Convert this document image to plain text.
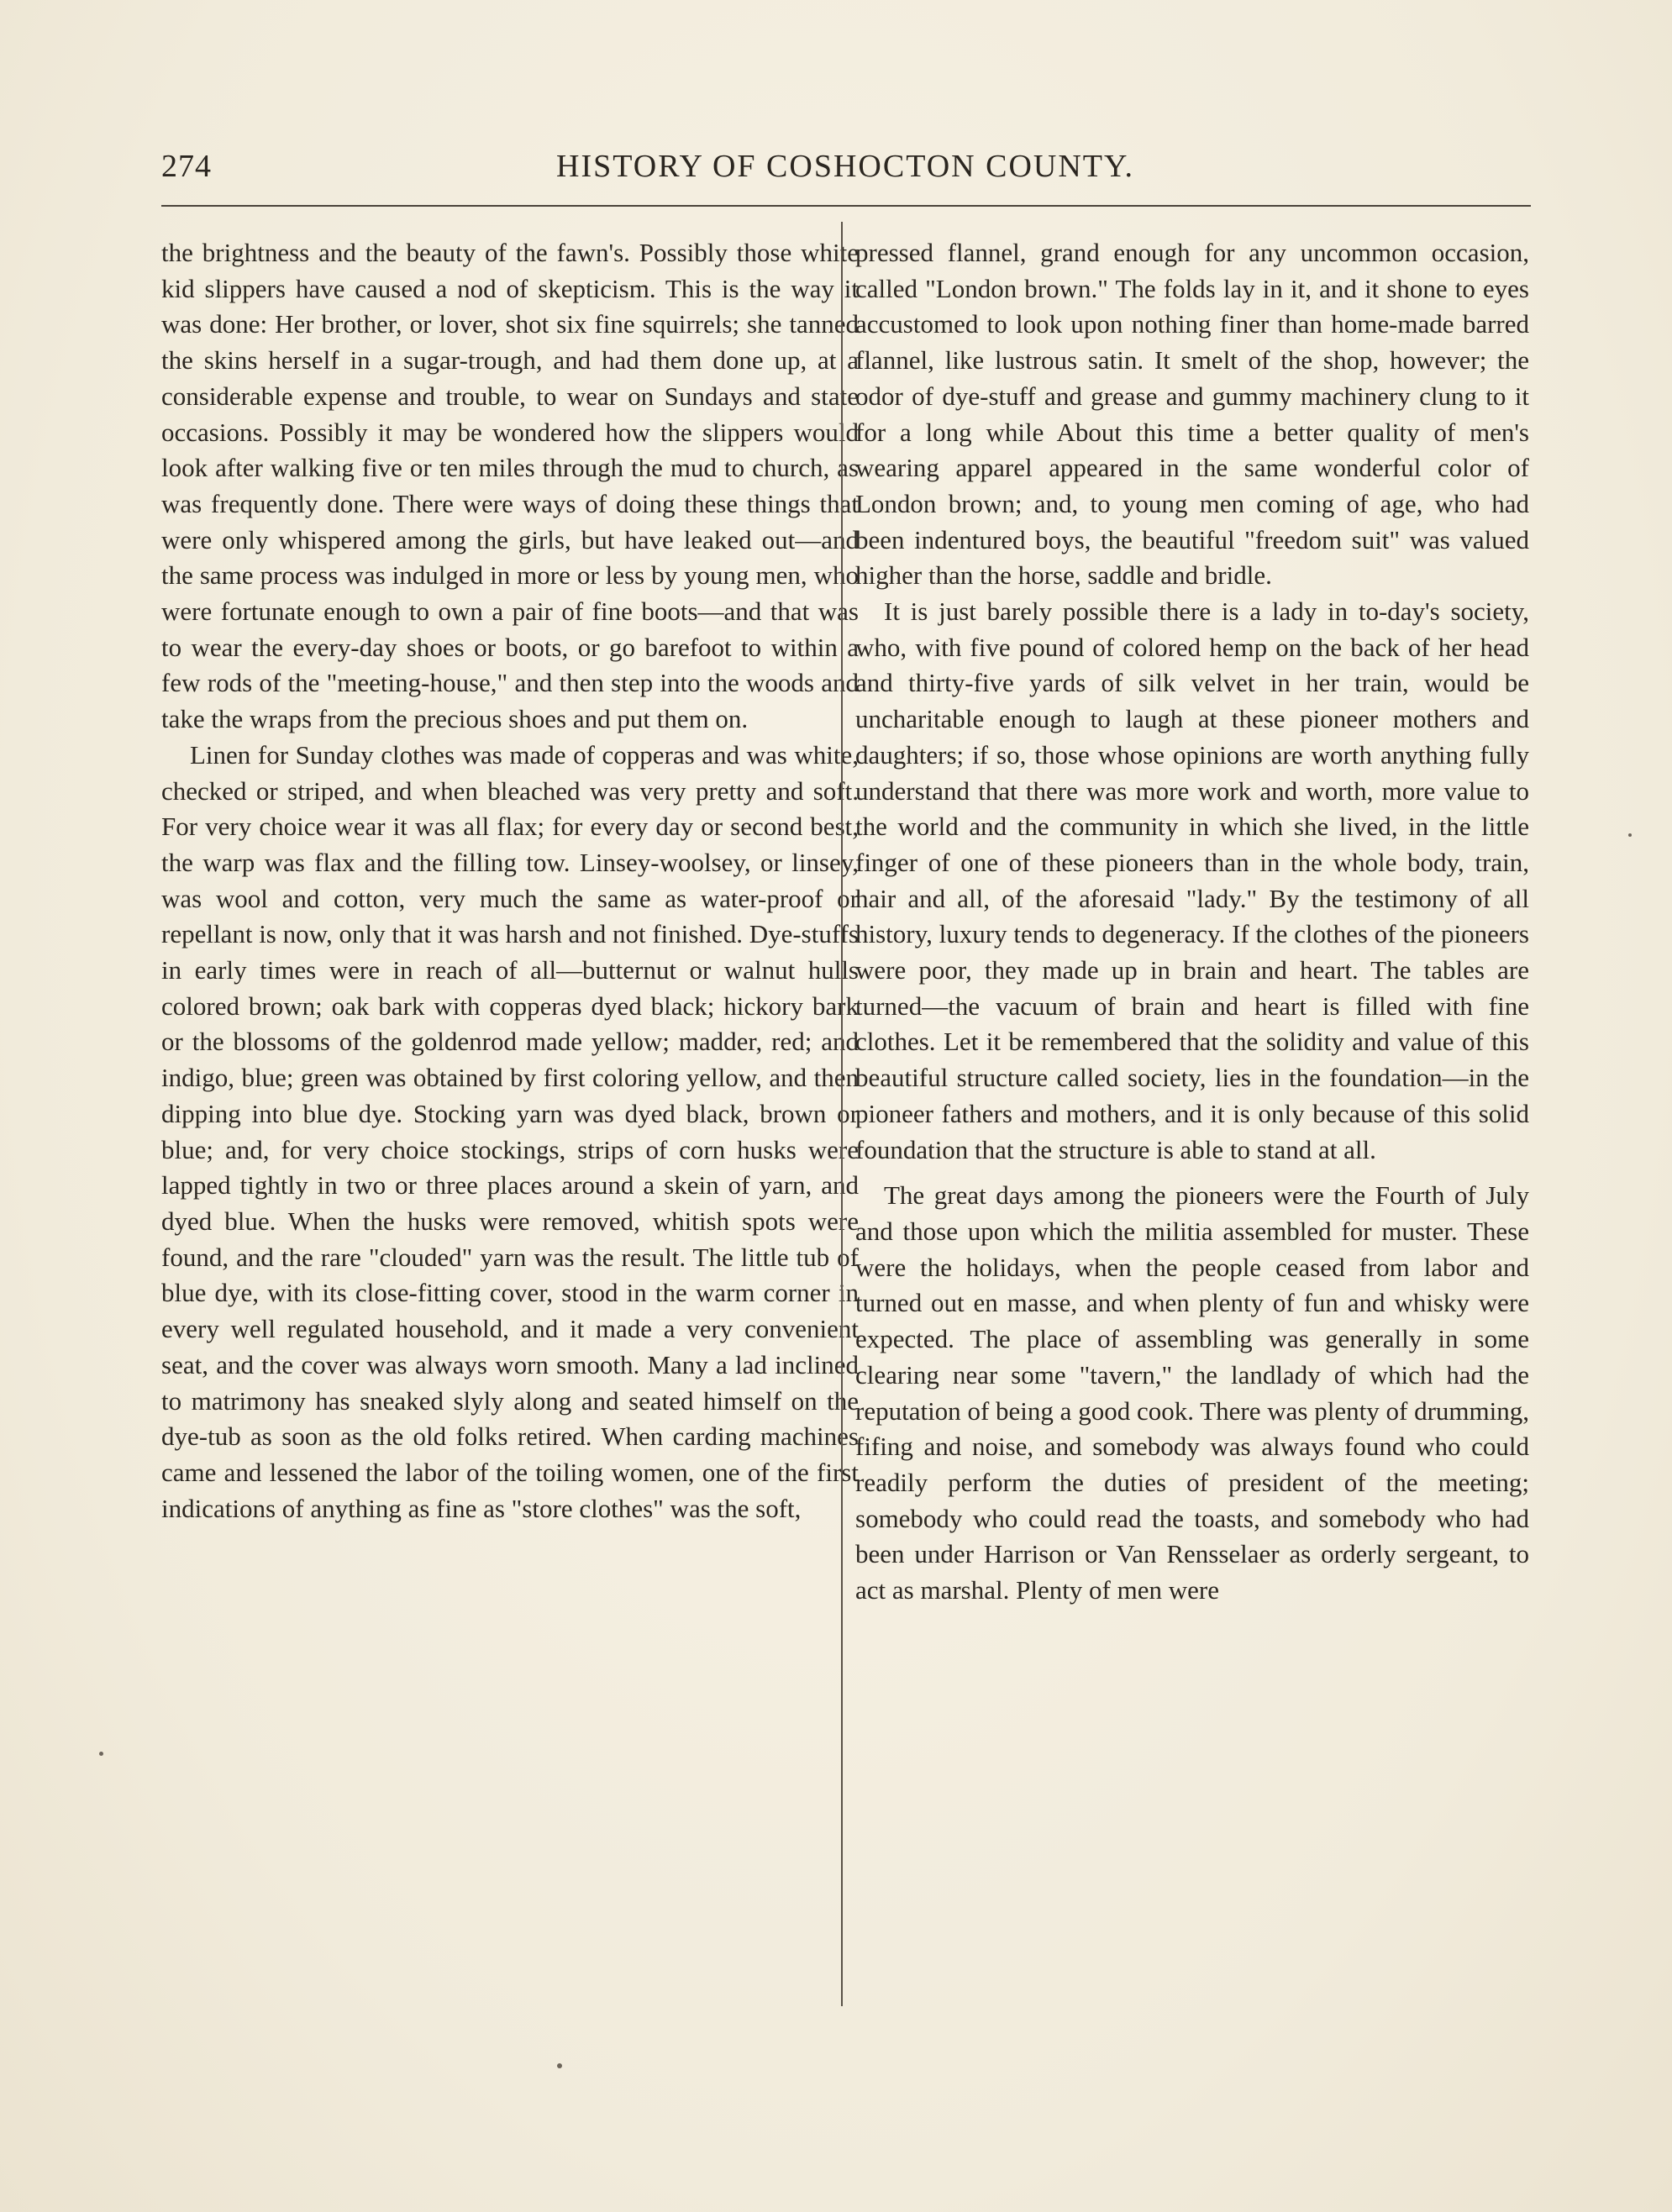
274	HISTORY OF COSHOCTON COUNTY.

the brightness and the beauty of the fawn's. Possibly those white kid slippers have caused a nod of skepticism. This is the way it was done: Her brother, or lover, shot six fine squirrels; she tanned the skins herself in a sugar-trough, and had them done up, at a considerable expense and trouble, to wear on Sundays and state occasions. Possibly it may be wondered how the slippers would look after walking five or ten miles through the mud to church, as was frequently done. There were ways of doing these things that were only whispered among the girls, but have leaked out—and the same process was indulged in more or less by young men, who were fortunate enough to own a pair of fine boots—and that was to wear the every-day shoes or boots, or go barefoot to within a few rods of the "meeting-house," and then step into the woods and take the wraps from the precious shoes and put them on.

Linen for Sunday clothes was made of copperas and was white, checked or striped, and when bleached was very pretty and soft. For very choice wear it was all flax; for every day or second best, the warp was flax and the filling tow. Linsey-woolsey, or linsey, was wool and cotton, very much the same as water-proof or repellant is now, only that it was harsh and not finished. Dye-stuffs in early times were in reach of all—butternut or walnut hulls colored brown; oak bark with copperas dyed black; hickory bark or the blossoms of the goldenrod made yellow; madder, red; and indigo, blue; green was obtained by first coloring yellow, and then dipping into blue dye. Stocking yarn was dyed black, brown or blue; and, for very choice stockings, strips of corn husks were lapped tightly in two or three places around a skein of yarn, and dyed blue. When the husks were removed, whitish spots were found, and the rare "clouded" yarn was the result. The little tub of blue dye, with its close-fitting cover, stood in the warm corner in every well regulated household, and it made a very convenient seat, and the cover was always worn smooth. Many a lad inclined to matrimony has sneaked slyly along and seated himself on the dye-tub as soon as the old folks retired. When carding machines came and lessened the labor of the toiling women, one of the first indications of anything as fine as "store clothes" was the soft,

pressed flannel, grand enough for any uncommon occasion, called "London brown." The folds lay in it, and it shone to eyes accustomed to look upon nothing finer than home-made barred flannel, like lustrous satin. It smelt of the shop, however; the odor of dye-stuff and grease and gummy machinery clung to it for a long while About this time a better quality of men's wearing apparel appeared in the same wonderful color of London brown; and, to young men coming of age, who had been indentured boys, the beautiful "freedom suit" was valued higher than the horse, saddle and bridle.

It is just barely possible there is a lady in to-day's society, who, with five pound of colored hemp on the back of her head and thirty-five yards of silk velvet in her train, would be uncharitable enough to laugh at these pioneer mothers and daughters; if so, those whose opinions are worth anything fully understand that there was more work and worth, more value to the world and the community in which she lived, in the little finger of one of these pioneers than in the whole body, train, hair and all, of the aforesaid "lady." By the testimony of all history, luxury tends to degeneracy. If the clothes of the pioneers were poor, they made up in brain and heart. The tables are turned—the vacuum of brain and heart is filled with fine clothes. Let it be remembered that the solidity and value of this beautiful structure called society, lies in the foundation—in the pioneer fathers and mothers, and it is only because of this solid foundation that the structure is able to stand at all.

The great days among the pioneers were the Fourth of July and those upon which the militia assembled for muster. These were the holidays, when the people ceased from labor and turned out en masse, and when plenty of fun and whisky were expected. The place of assembling was generally in some clearing near some "tavern," the landlady of which had the reputation of being a good cook. There was plenty of drumming, fifing and noise, and somebody was always found who could readily perform the duties of president of the meeting; somebody who could read the toasts, and somebody who had been under Harrison or Van Rensselaer as orderly sergeant, to act as marshal. Plenty of men were
